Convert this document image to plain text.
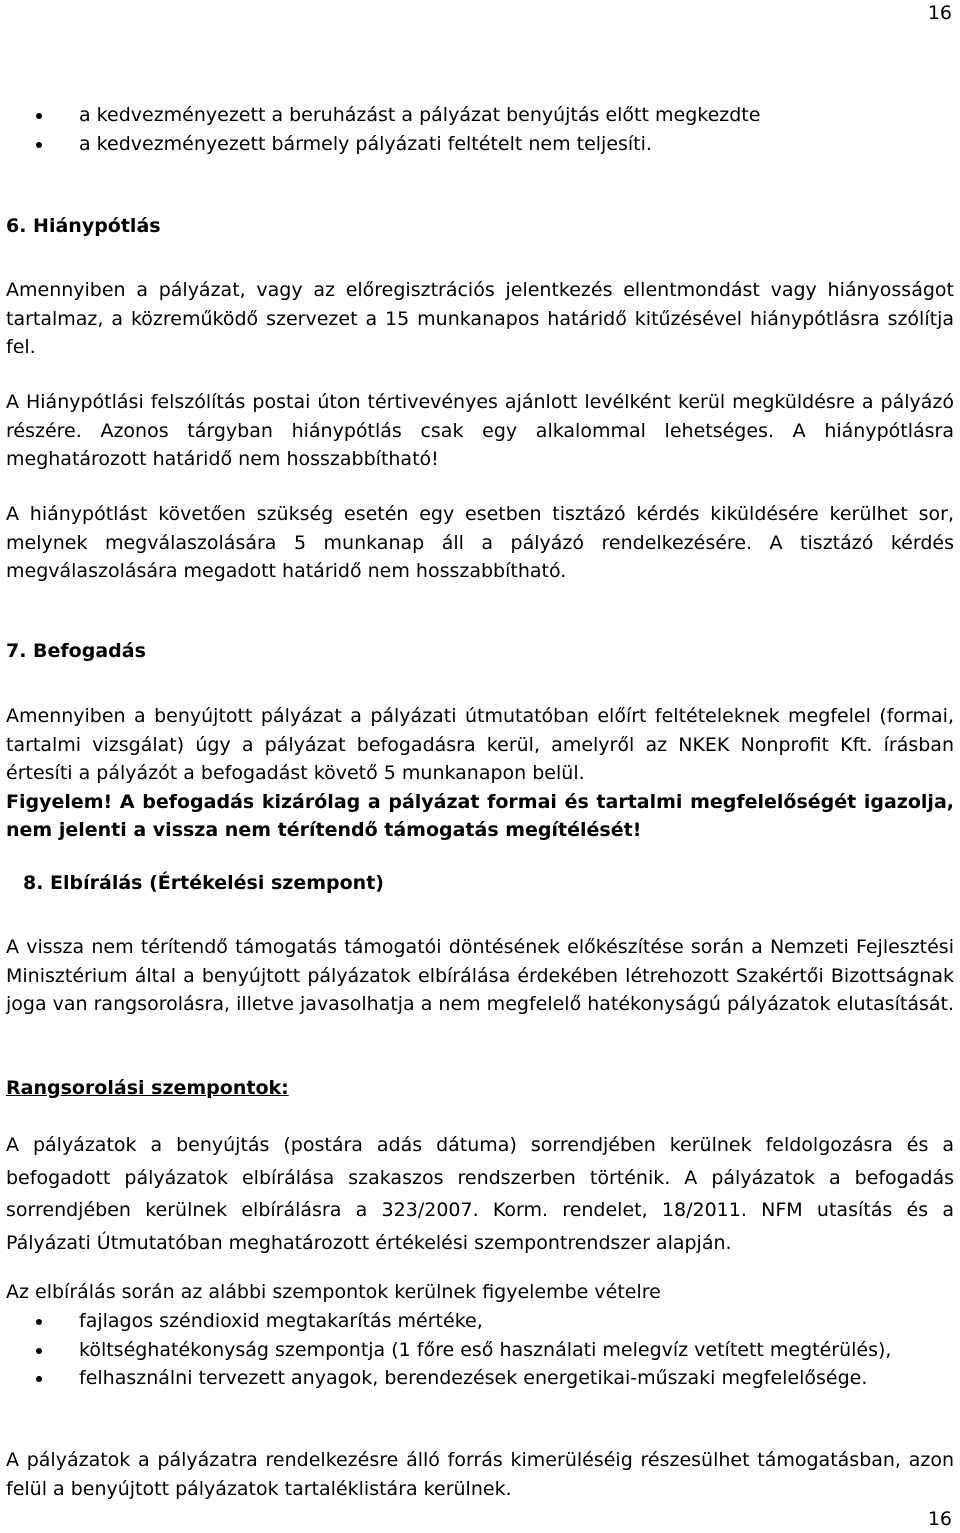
16
a kedvezményezett a beruházást a pályázat benyújtás előtt megkezdte
a kedvezményezett bármely pályázati feltételt nem teljesíti.
6. Hiánypótlás

Amennyiben a pályázat, vagy az előregisztrációs jelentkezés ellentmondást vagy hiányosságot tartalmaz, a közreműködő szervezet a 15 munkanapos határidő kitűzésével hiánypótlásra szólítja fel.

A Hiánypótlási felszólítás postai úton tértivevényes ajánlott levélként kerül megküldésre a pályázó részére. Azonos tárgyban hiánypótlás csak egy alkalommal lehetséges. A hiánypótlásra meghatározott határidő nem hosszabbítható!

A hiánypótlást követően szükség esetén egy esetben tisztázó kérdés kiküldésére kerülhet sor, melynek megválaszolására 5 munkanap áll a pályázó rendelkezésére. A tisztázó kérdés megválaszolására megadott határidő nem hosszabbítható.

7. Befogadás

Amennyiben a benyújtott pályázat a pályázati útmutatóban előírt feltételeknek megfelel (formai, tartalmi vizsgálat) úgy a pályázat befogadásra kerül, amelyről az NKEK Nonprofit Kft. írásban értesíti a pályázót a befogadást követő 5 munkanapon belül.

Figyelem! A befogadás kizárólag a pályázat formai és tartalmi megfelelőségét igazolja, nem jelenti a vissza nem térítendő támogatás megítélését!

8. Elbírálás (Értékelési szempont)

A vissza nem térítendő támogatás támogatói döntésének előkészítése során a Nemzeti Fejlesztési Minisztérium által a benyújtott pályázatok elbírálása érdekében létrehozott Szakértői Bizottságnak joga van rangsorolásra, illetve javasolhatja a nem megfelelő hatékonyságú pályázatok elutasítását.

Rangsorolási szempontok:

A pályázatok a benyújtás (postára adás dátuma) sorrendjében kerülnek feldolgozásra és a befogadott pályázatok elbírálása szakaszos rendszerben történik. A pályázatok a befogadás sorrendjében kerülnek elbírálásra a 323/2007. Korm. rendelet, 18/2011. NFM utasítás és a Pályázati Útmutatóban meghatározott értékelési szempontrendszer alapján.

Az elbírálás során az alábbi szempontok kerülnek figyelembe vételre

fajlagos széndioxid megtakarítás mértéke,
költséghatékonyság szempontja (1 főre eső használati melegvíz vetített megtérülés),
felhasználni tervezett anyagok, berendezések energetikai-műszaki megfelelősége.

A pályázatok a pályázatra rendelkezésre álló forrás kimerüléséig részesülhet támogatásban, azon felül a benyújtott pályázatok tartaléklistára kerülnek.

16
